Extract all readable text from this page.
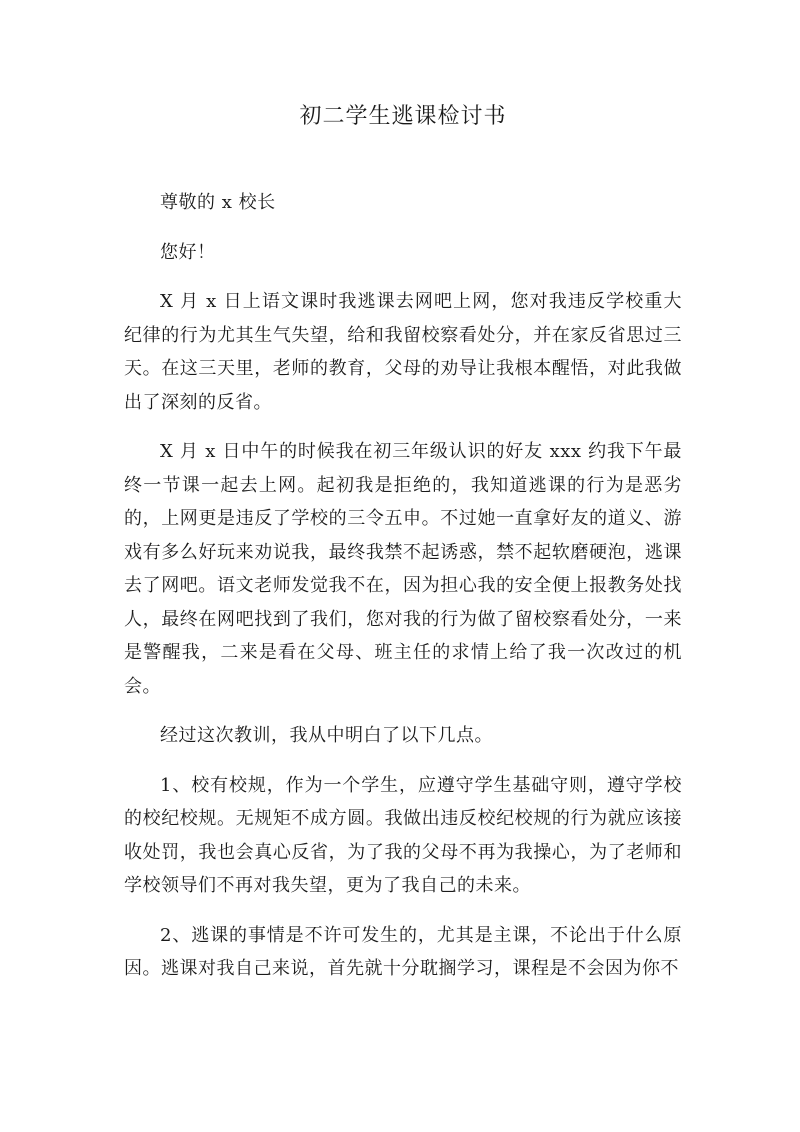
初二学生逃课检讨书

尊敬的 x 校长

您好！

X 月 x 日上语文课时我逃课去网吧上网，您对我违反学校重大纪律的行为尤其生气失望，给和我留校察看处分，并在家反省思过三天。在这三天里，老师的教育，父母的劝导让我根本醒悟，对此我做出了深刻的反省。

X 月 x 日中午的时候我在初三年级认识的好友 xxx 约我下午最终一节课一起去上网。起初我是拒绝的，我知道逃课的行为是恶劣的，上网更是违反了学校的三令五申。不过她一直拿好友的道义、游戏有多么好玩来劝说我，最终我禁不起诱惑，禁不起软磨硬泡，逃课去了网吧。语文老师发觉我不在，因为担心我的安全便上报教务处找人，最终在网吧找到了我们，您对我的行为做了留校察看处分，一来是警醒我，二来是看在父母、班主任的求情上给了我一次改过的机会。

经过这次教训，我从中明白了以下几点。

1、校有校规，作为一个学生，应遵守学生基础守则，遵守学校的校纪校规。无规矩不成方圆。我做出违反校纪校规的行为就应该接收处罚，我也会真心反省，为了我的父母不再为我操心，为了老师和学校领导们不再对我失望，更为了我自己的未来。

2、逃课的事情是不许可发生的，尤其是主课，不论出于什么原因。逃课对我自己来说，首先就十分耽搁学习，课程是不会因为你不
